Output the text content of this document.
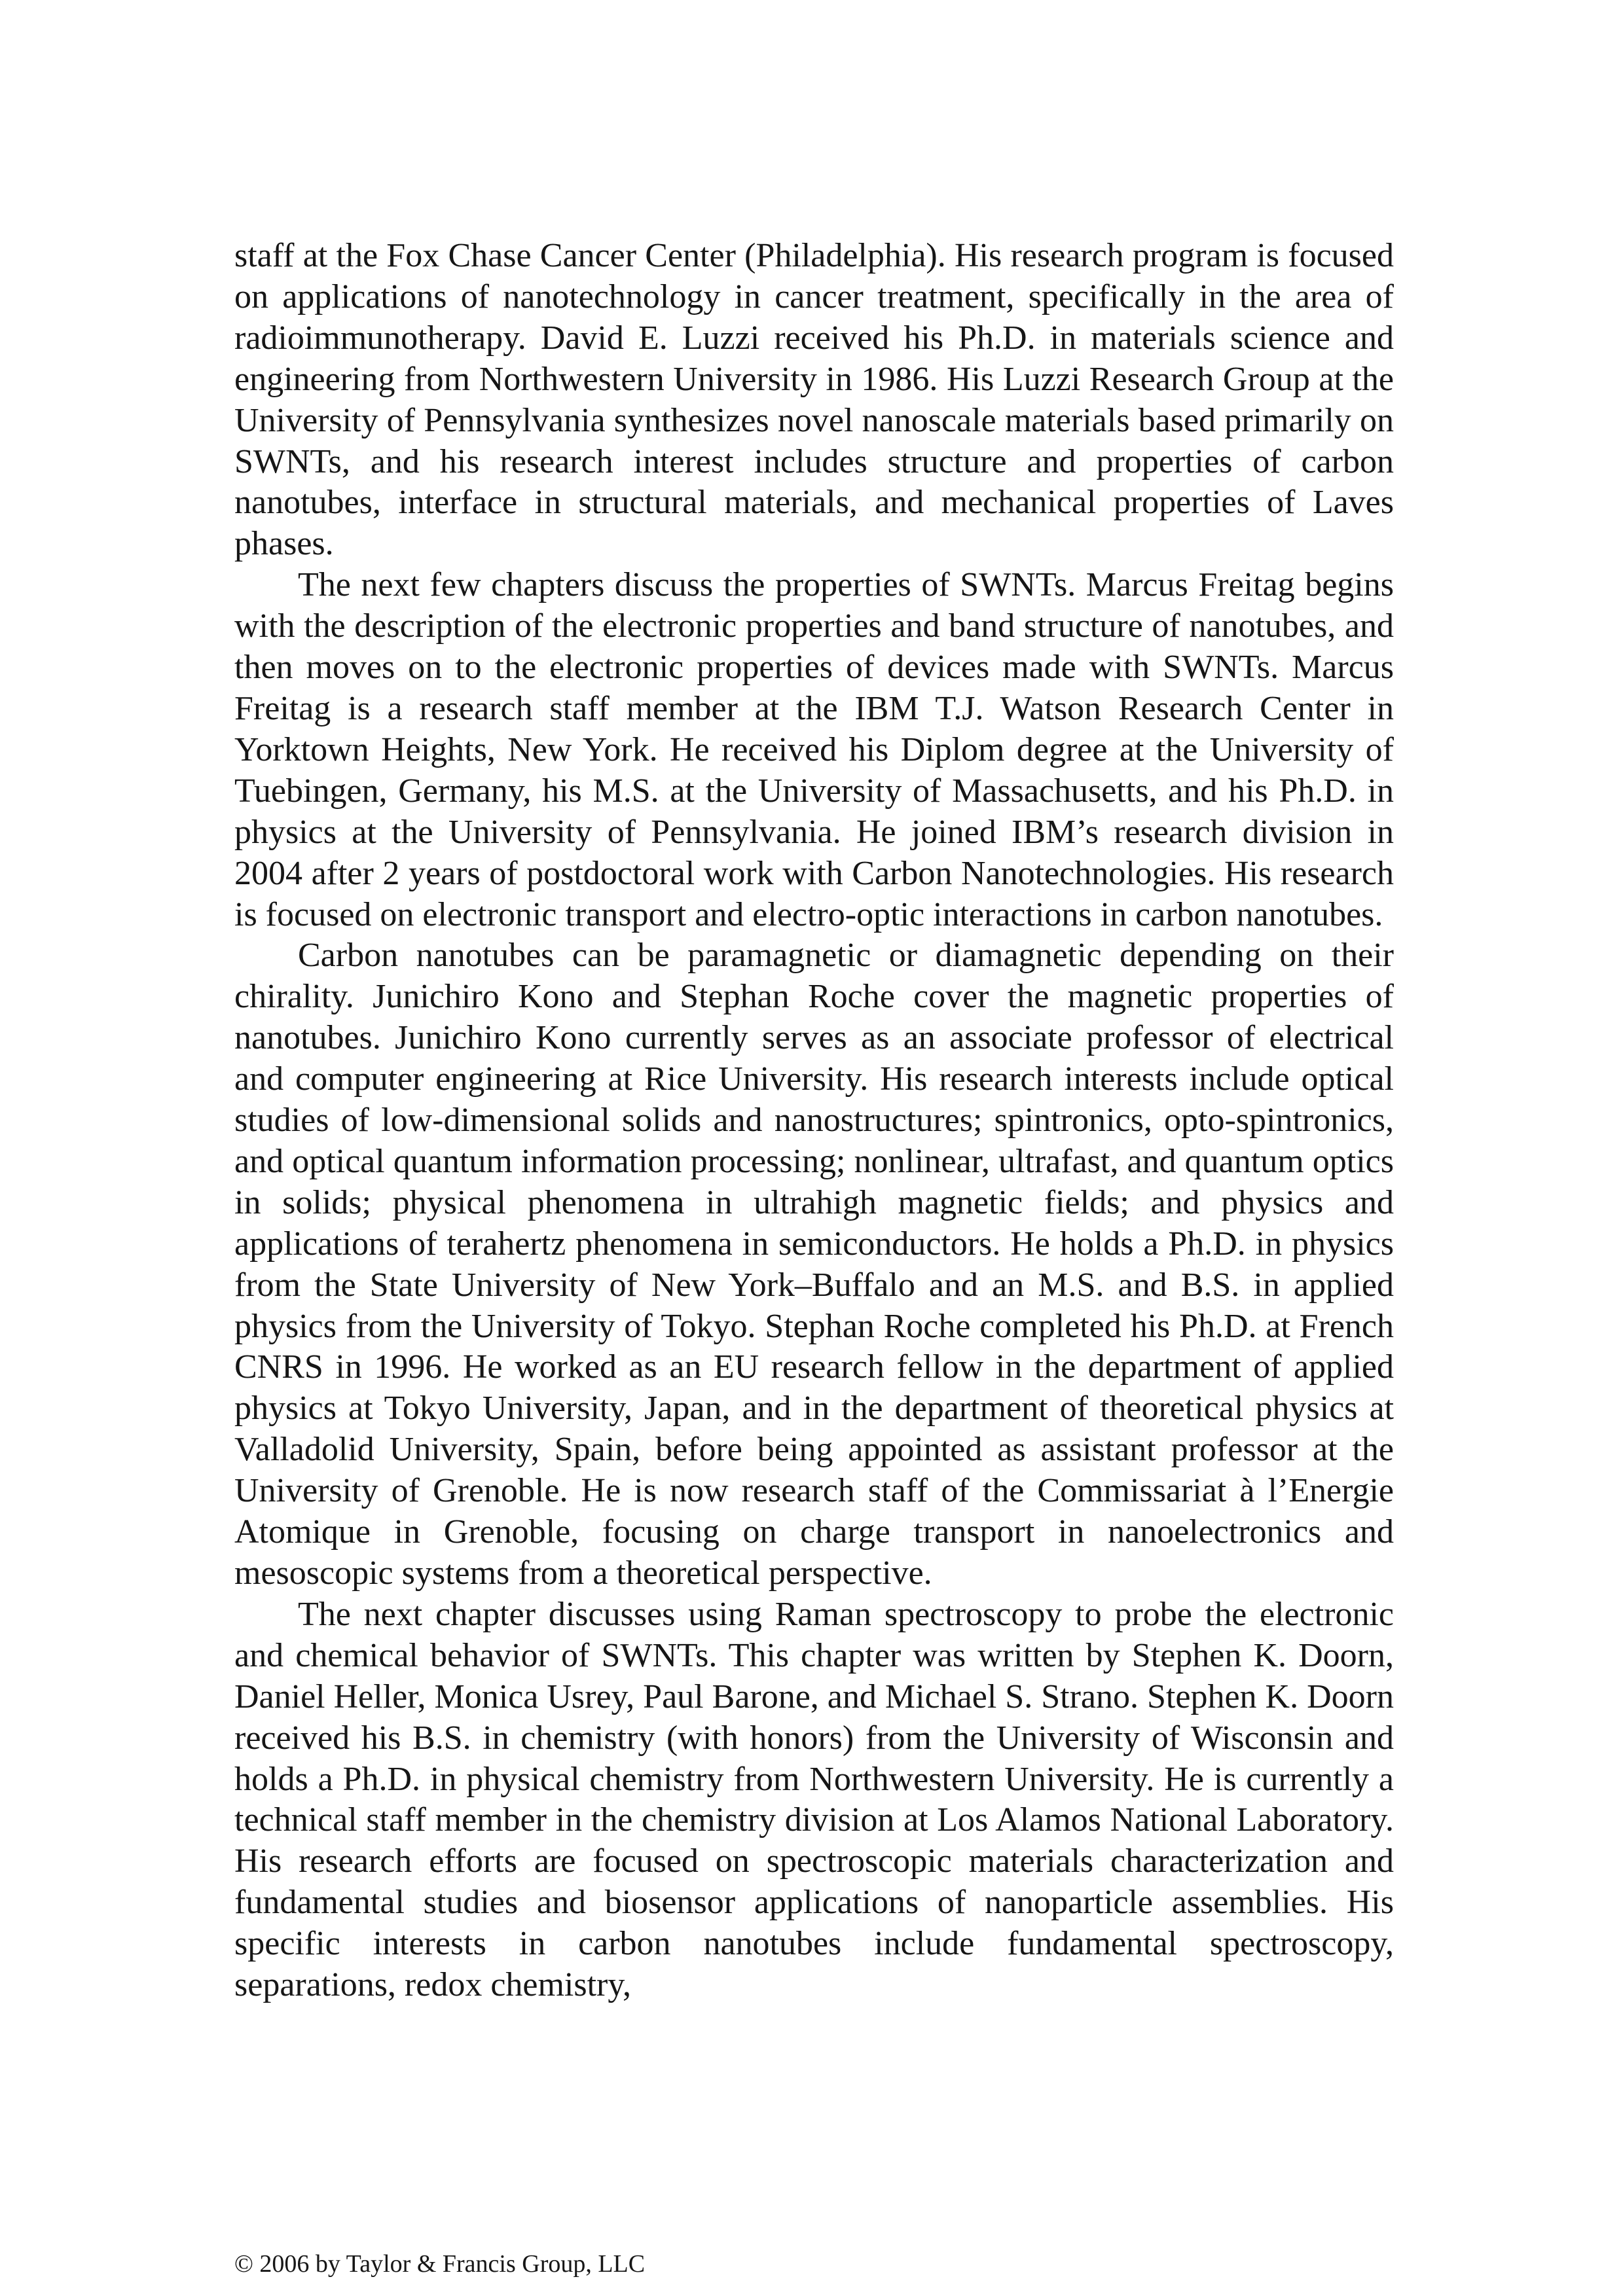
staff at the Fox Chase Cancer Center (Philadelphia). His research program is focused on applications of nanotechnology in cancer treatment, specifically in the area of radioimmunotherapy. David E. Luzzi received his Ph.D. in materials science and engineering from Northwestern University in 1986. His Luzzi Research Group at the University of Pennsylvania synthesizes novel nanoscale materials based primarily on SWNTs, and his research interest includes structure and properties of carbon nanotubes, interface in structural materials, and mechanical properties of Laves phases.

The next few chapters discuss the properties of SWNTs. Marcus Freitag begins with the description of the electronic properties and band structure of nanotubes, and then moves on to the electronic properties of devices made with SWNTs. Marcus Freitag is a research staff member at the IBM T.J. Watson Research Center in Yorktown Heights, New York. He received his Diplom degree at the University of Tuebingen, Germany, his M.S. at the University of Massachusetts, and his Ph.D. in physics at the University of Pennsylvania. He joined IBM’s research division in 2004 after 2 years of postdoctoral work with Carbon Nanotechnologies. His research is focused on electronic transport and electro-optic interactions in carbon nanotubes.

Carbon nanotubes can be paramagnetic or diamagnetic depending on their chirality. Junichiro Kono and Stephan Roche cover the magnetic properties of nanotubes. Junichiro Kono currently serves as an associate professor of electrical and computer engineering at Rice University. His research interests include optical studies of low-dimensional solids and nanostructures; spintronics, opto-spintronics, and optical quantum information processing; nonlinear, ultrafast, and quantum optics in solids; physical phenomena in ultrahigh magnetic fields; and physics and applications of terahertz phenomena in semiconductors. He holds a Ph.D. in physics from the State University of New York–Buffalo and an M.S. and B.S. in applied physics from the University of Tokyo. Stephan Roche completed his Ph.D. at French CNRS in 1996. He worked as an EU research fellow in the department of applied physics at Tokyo University, Japan, and in the department of theoretical physics at Valladolid University, Spain, before being appointed as assistant professor at the University of Grenoble. He is now research staff of the Commissariat à l’Energie Atomique in Grenoble, focusing on charge transport in nanoelectronics and mesoscopic systems from a theoretical perspective.

The next chapter discusses using Raman spectroscopy to probe the electronic and chemical behavior of SWNTs. This chapter was written by Stephen K. Doorn, Daniel Heller, Monica Usrey, Paul Barone, and Michael S. Strano. Stephen K. Doorn received his B.S. in chemistry (with honors) from the University of Wisconsin and holds a Ph.D. in physical chemistry from Northwestern University. He is currently a technical staff member in the chemistry division at Los Alamos National Laboratory. His research efforts are focused on spectroscopic materials characterization and fundamental studies and biosensor applications of nanoparticle assemblies. His specific interests in carbon nanotubes include fundamental spectroscopy, separations, redox chemistry,

© 2006 by Taylor & Francis Group, LLC
